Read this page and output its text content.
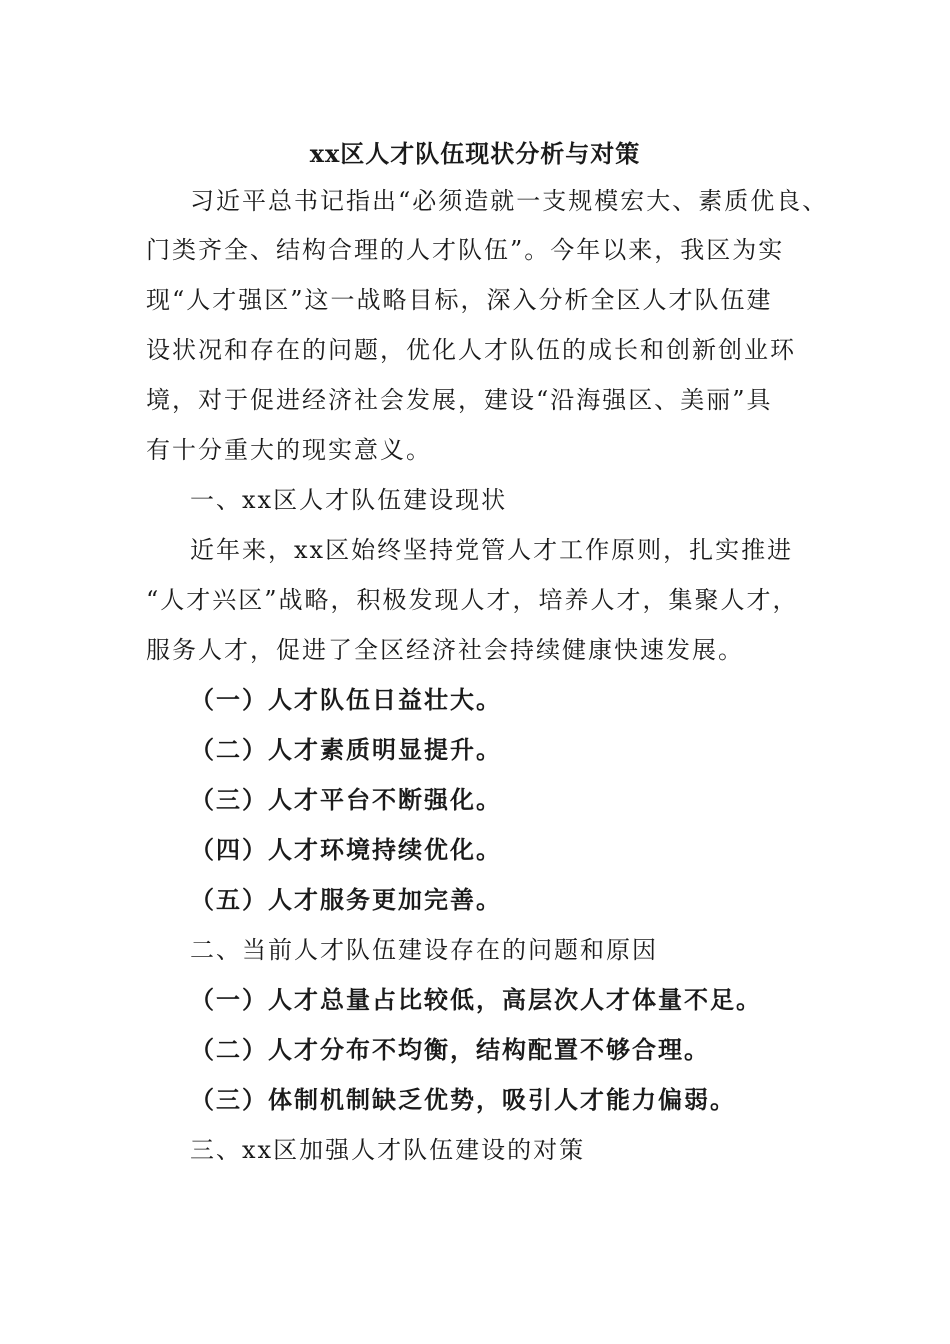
xx区人才队伍现状分析与对策
习近平总书记指出“必须造就一支规模宏大、素质优良、
门类齐全、结构合理的人才队伍”。今年以来，我区为实
现“人才强区”这一战略目标，深入分析全区人才队伍建
设状况和存在的问题，优化人才队伍的成长和创新创业环
境，对于促进经济社会发展，建设“沿海强区、美丽”具
有十分重大的现实意义。
一、xx区人才队伍建设现状
近年来，xx区始终坚持党管人才工作原则，扎实推进
“人才兴区”战略，积极发现人才，培养人才，集聚人才，
服务人才，促进了全区经济社会持续健康快速发展。
（一）人才队伍日益壮大。
（二）人才素质明显提升。
（三）人才平台不断强化。
（四）人才环境持续优化。
（五）人才服务更加完善。
二、当前人才队伍建设存在的问题和原因
（一）人才总量占比较低，高层次人才体量不足。
（二）人才分布不均衡，结构配置不够合理。
（三）体制机制缺乏优势，吸引人才能力偏弱。
三、xx区加强人才队伍建设的对策
